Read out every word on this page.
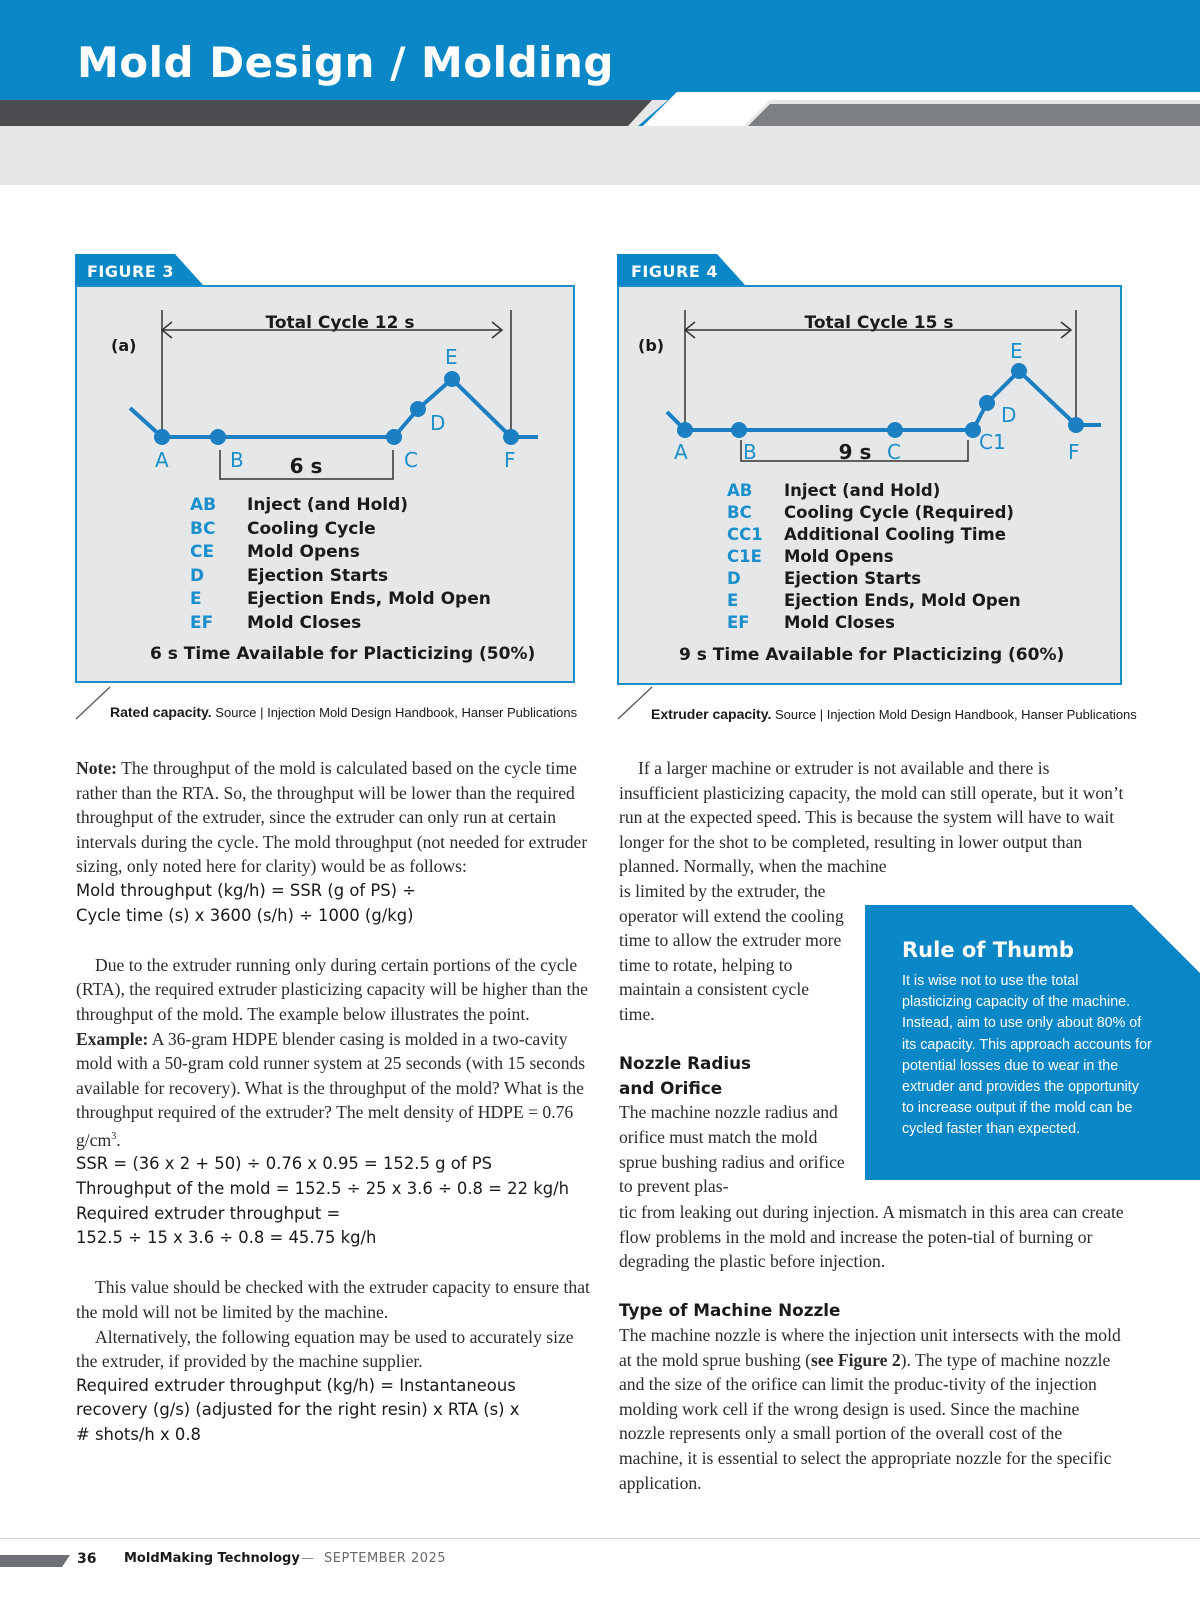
Mold Design / Molding
FIGURE 3
(a)
Total Cycle 12 s
A	B	C
D
E
F
6 s
AB	Inject (and Hold)
BC	Cooling Cycle
CE	Mold Opens
D	Ejection Starts
E	Ejection Ends, Mold Open
EF	Mold Closes
6 s Time Available for Placticizing (50%)
Rated capacity. Source | Injection Mold Design Handbook, Hanser Publications
FIGURE 4
(b)
Total Cycle 15 s
A	B	C	C1
D
E
F
9 s
AB	Inject (and Hold)
BC	Cooling Cycle (Required)
CC1	Additional Cooling Time
C1E	Mold Opens
D	Ejection Starts
E	Ejection Ends, Mold Open
EF	Mold Closes
9 s Time Available for Placticizing (60%)
Extruder capacity. Source | Injection Mold Design Handbook, Hanser Publications

Note: The throughput of the mold is calculated based on the cycle time rather than the RTA. So, the throughput will be lower than the required throughput of the extruder, since the extruder can only run at certain intervals during the cycle. The mold throughput (not needed for extruder sizing, only noted here for clarity) would be as follows:

Mold throughput (kg/h) = SSR (g of PS) ÷

Cycle time (s) x 3600 (s/h) ÷ 1000 (g/kg)

Due to the extruder running only during certain portions of the cycle (RTA), the required extruder plasticizing capacity will be higher than the throughput of the mold. The example below illustrates the point.

Example: A 36-gram HDPE blender casing is molded in a two-cavity mold with a 50-gram cold runner system at 25 seconds (with 15 seconds available for recovery). What is the throughput of the mold? What is the throughput required of the extruder? The melt density of HDPE = 0.76 $g/cm^3$.

SSR = (36 x 2 + 50) ÷ 0.76 x 0.95 = 152.5 g of PS

Throughput of the mold = 152.5 ÷ 25 x 3.6 ÷ 0.8 = 22 kg/h

Required extruder throughput =

152.5 ÷ 15 x 3.6 ÷ 0.8 = 45.75 kg/h

This value should be checked with the extruder capacity to ensure that the mold will not be limited by the machine.

Alternatively, the following equation may be used to accurately size the extruder, if provided by the machine supplier.

Required extruder throughput (kg/h) = Instantaneous

recovery (g/s) (adjusted for the right resin) x RTA (s) x

# shots/h x 0.8

If a larger machine or extruder is not available and there is insufficient plasticizing capacity, the mold can still operate, but it won’t run at the expected speed. This is because the system will have to wait longer for the shot to be completed, resulting in lower output than planned. Normally, when the machine

is limited by the extruder, the operator will extend the cooling time to allow the extruder more time to rotate, helping to maintain a consistent cycle time.

Nozzle Radius

and Orifice

The machine nozzle radius and orifice must match the mold sprue bushing radius and orifice to prevent plas-

tic from leaking out during injection. A mismatch in this area can create flow problems in the mold and increase the poten-tial of burning or degrading the plastic before injection.

Type of Machine Nozzle

The machine nozzle is where the injection unit intersects with the mold at the mold sprue bushing (see Figure 2). The type of machine nozzle and the size of the orifice can limit the produc-tivity of the injection molding work cell if the wrong design is used. Since the machine nozzle represents only a small portion of the overall cost of the machine, it is essential to select the appropriate nozzle for the specific application.

Rule of Thumb
It is wise not to use the total plasticizing capacity of the machine. Instead, aim to use only about 80% of its capacity. This approach accounts for potential losses due to wear in the extruder and provides the opportunity to increase output if the mold can be cycled faster than expected.
36 MoldMaking Technology — SEPTEMBER 2025
